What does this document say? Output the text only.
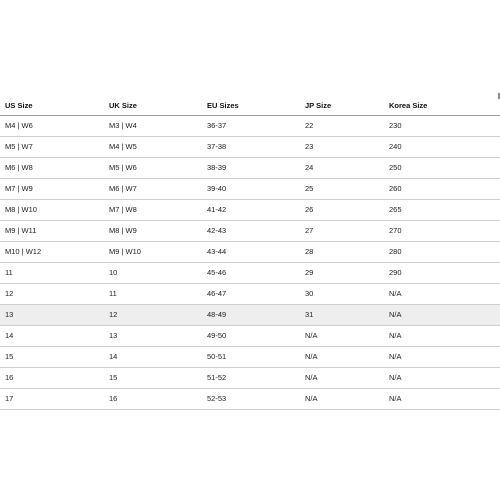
US Size	UK Size	EU Sizes	JP Size	Korea Size
M4 | W6	M3 | W4	36-37	22	230
M5 | W7	M4 | W5	37-38	23	240
M6 | W8	M5 | W6	38-39	24	250
M7 | W9	M6 | W7	39-40	25	260
M8 | W10	M7 | W8	41-42	26	265
M9 | W11	M8 | W9	42-43	27	270
M10 | W12	M9 | W10	43-44	28	280
11	10	45-46	29	290
12	11	46-47	30	N/A
13	12	48-49	31	N/A
14	13	49-50	N/A	N/A
15	14	50-51	N/A	N/A
16	15	51-52	N/A	N/A
17	16	52-53	N/A	N/A
